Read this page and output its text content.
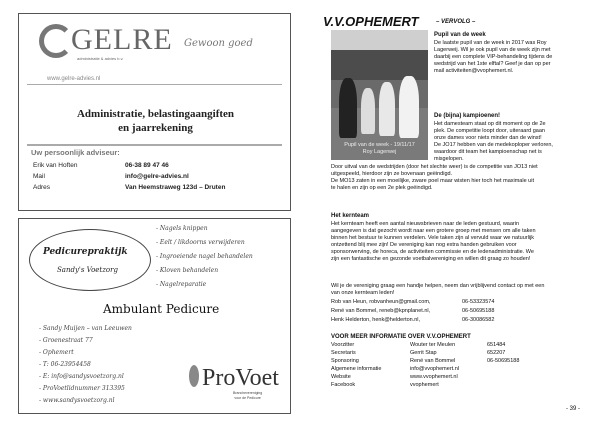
GELRE
administratie & advies b.v.
Gewoon goed
www.gelre-advies.nl
Administratie, belastingaangiften
en jaarrekening
Uw persoonlijk adviseur:
Erik van Hoften	06-38 89 47 46
Mail	info@gelre-advies.nl
Adres	Van Heemstraweg 123d – Druten
Pedicurepraktijk
Sandy's Voetzorg
- Nagels knippen
- Eelt / likdoorns verwijderen
- Ingroeiende nagel behandelen
- Kloven behandelen
- Nagelreparatie
Ambulant Pedicure
- Sandy Muijen – van Leeuwen
- Groenestraat 77
- Ophemert
- T: 06-23954458
- E: info@sandysvoetzorg.nl
- ProVoetlidnummer 313395
- www.sandysvoetzorg.nl
ProVoet
Branchevereniging
voor de Pedicure
V.V.OPHEMERT	– VERVOLG –
Pupil van de week - 19/11/17
Roy Lagerwej
Pupil van de week
De laatste pupil van de week in 2017 was Roy
Lagerweij. Wil je ook pupil van de week zijn met
daarbij een complete VIP-behandeling tijdens de
wedstrijd van het 1ste elftal? Geef je dan op per
mail activiteiten@vvophemert.nl.
De (bijna) kampioenen!
Het damesteam staat op dit moment op de 2e
plek. De competitie loopt door, uiteraard gaan
onze dames voor niets minder dan de winst!
De JO17 hebben van de medekoploper verloren,
waardoor dit team het kampioenschap net is
misgelopen.
Door uitval van de wedstrijden (door het slechte weer) is de competitie van JO13 niet
uitgespeeld, hierdoor zijn ze bovenaan geëindigd.
De MO13 zaten in een moeilijke, zware poel maar wisten hier toch het maximale uit
te halen en zijn op een 2e plek geëindigd.
Het kernteam
Het kernteam heeft een aantal nieuwsbrieven naar de leden gestuurd, waarin
aangegeven is dat gezocht wordt naar een grotere groep met mensen om alle taken
binnen het bestuur te kunnen verdelen. Vele taken zijn al vervuld waar we natuurlijk
ontzettend blij mee zijn! De vereniging kan nog extra handen gebruiken voor
sponsorwerving, de horeca, de activiteiten commissie en de ledenadministratie. We
zijn een fantastische en gezonde voetbalvereniging en willen dit graag zo houden!
Wil je de vereniging graag een handje helpen, neem dan vrijblijvend contact op met een
van onze kernteam leden!
Rob van Heun, robvanheun@gmail.com,	06-53323574
René van Bommel, reneb@kpnplanet.nl,	06-50695188
Henk Helderton, henk@helderton.nl,	06-30086582
VOOR MEER INFORMATIE OVER V.V.OPHEMERT
Voorzitter	Wouter ter Meulen	651484
Secretaris	Gerrit Stap	652207
Sponsoring	René van Bommel	06-50695188
Algemene informatie	info@vvophemert.nl
Website	www.vvophemert.nl
Facebook	vvophemert
- 39 -
